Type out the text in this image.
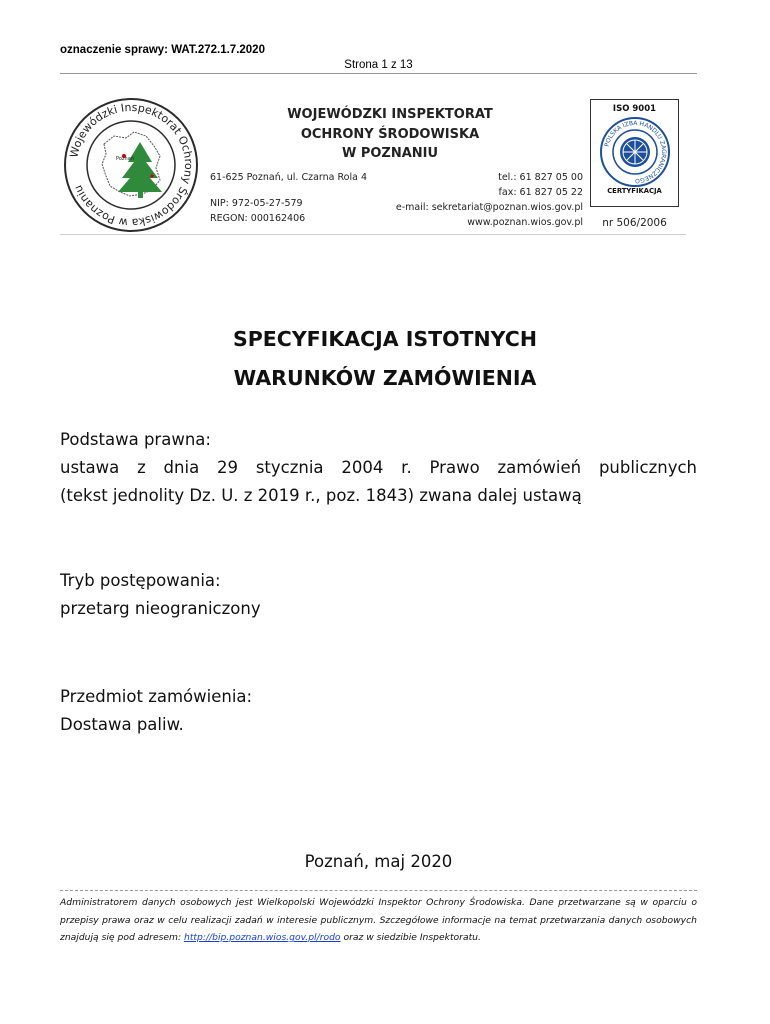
oznaczenie sprawy: WAT.272.1.7.2020
Strona 1 z 13
Wojewódzki Inspektorat Ochrony Środowiska w Poznaniu
Poznań
WOJEWÓDZKI INSPEKTORAT
OCHRONY ŚRODOWISKA
W POZNANIU
61-625 Poznań, ul. Czarna Rola 4
NIP: 972-05-27-579
REGON: 000162406
tel.: 61 827 05 00
fax: 61 827 05 22
e-mail: sekretariat@poznan.wios.gov.pl
www.poznan.wios.gov.pl
ISO 9001
POLSKA IZBA HANDLU ZAGRANICZNEGO
CERTYFIKACJA
nr 506/2006
SPECYFIKACJA ISTOTNYCH
WARUNKÓW ZAMÓWIENIA
Podstawa prawna:
ustawa z dnia 29 stycznia 2004 r. Prawo zamówień publicznych
(tekst jednolity Dz. U. z 2019 r., poz. 1843) zwana dalej ustawą
Tryb postępowania:
przetarg nieograniczony
Przedmiot zamówienia:
Dostawa paliw.
Poznań, maj 2020
Administratorem danych osobowych jest Wielkopolski Wojewódzki Inspektor Ochrony Środowiska. Dane przetwarzane są w oparciu o przepisy prawa oraz w celu realizacji zadań w interesie publicznym. Szczegółowe informacje na temat przetwarzania danych osobowych znajdują się pod adresem: http://bip.poznan.wios.gov.pl/rodo oraz w siedzibie Inspektoratu.
